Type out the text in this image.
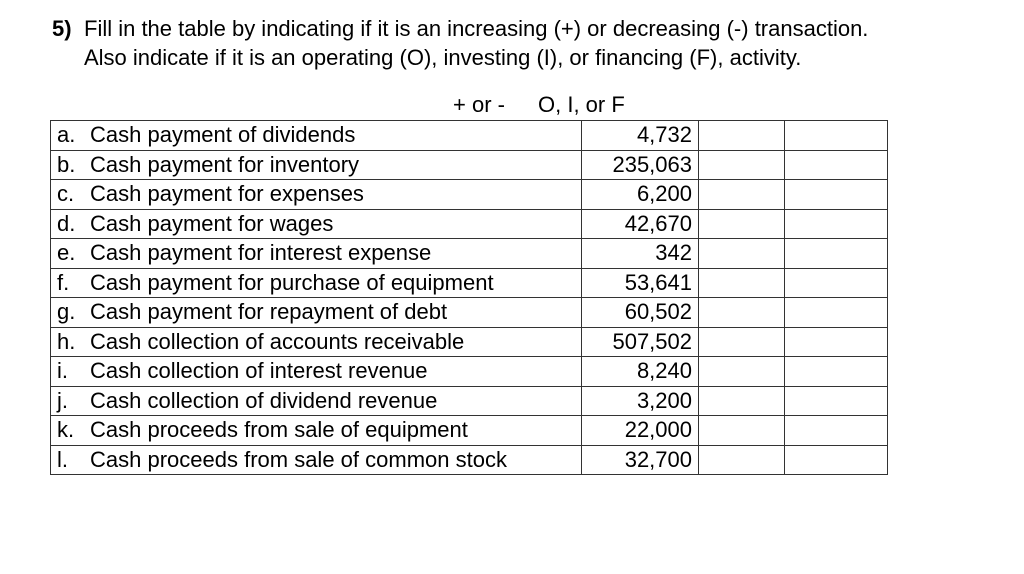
5) Fill in the table by indicating if it is an increasing (+) or decreasing (-) transaction.
Also indicate if it is an operating (O), investing (I), or financing (F), activity.
+ or - O, I, or F
a. Cash payment of dividends	4,732		
b. Cash payment for inventory	235,063		
c. Cash payment for expenses	6,200		
d. Cash payment for wages	42,670		
e. Cash payment for interest expense	342		
f. Cash payment for purchase of equipment	53,641		
g. Cash payment for repayment of debt	60,502		
h. Cash collection of accounts receivable	507,502		
i. Cash collection of interest revenue	8,240		
j. Cash collection of dividend revenue	3,200		
k. Cash proceeds from sale of equipment	22,000		
l. Cash proceeds from sale of common stock	32,700		
